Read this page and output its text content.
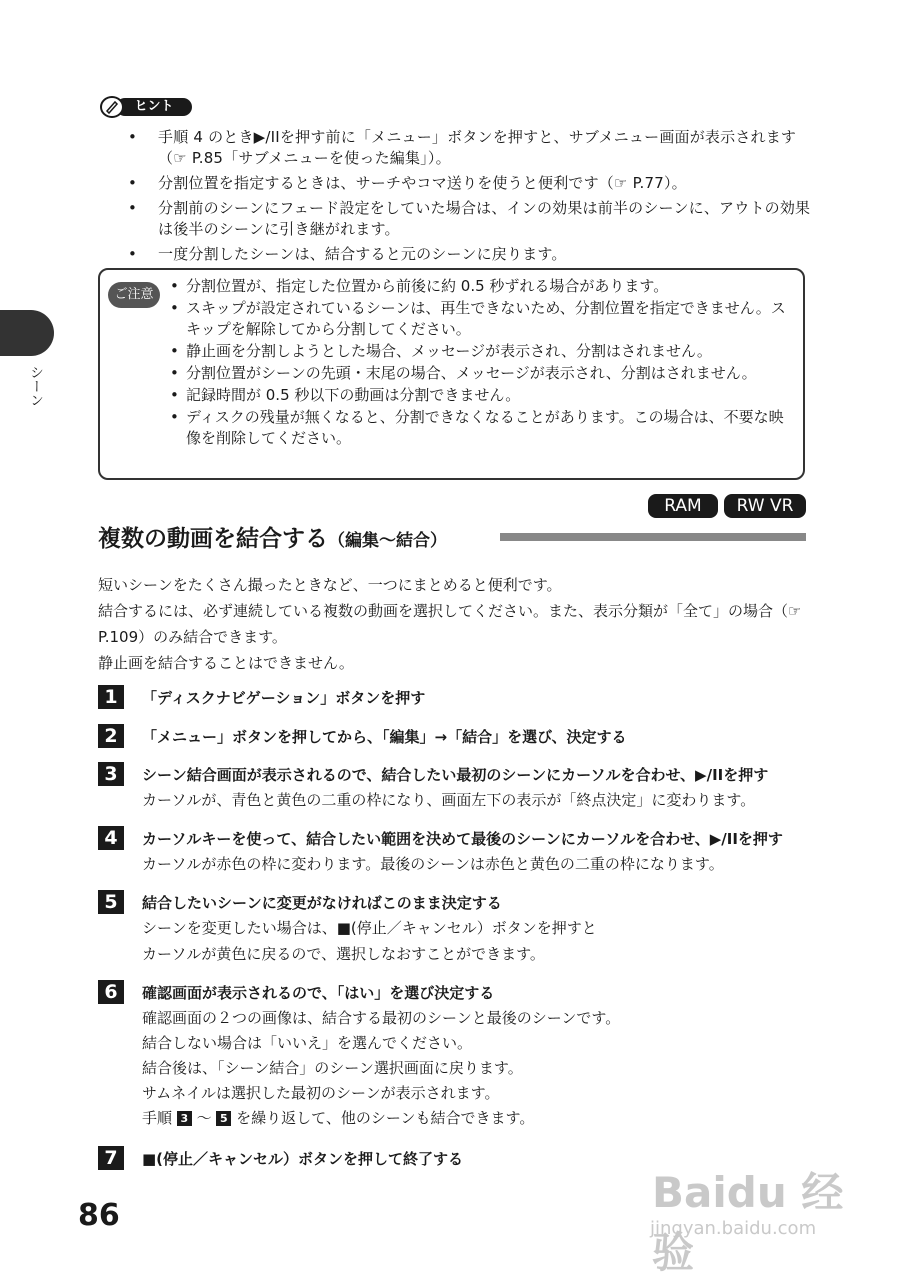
ヒント
• 手順 4 のとき▶/IIを押す前に「メニュー」ボタンを押すと、サブメニュー画面が表示されます（☞ P.85「サブメニューを使った編集」）。
• 分割位置を指定するときは、サーチやコマ送りを使うと便利です（☞ P.77）。
• 分割前のシーンにフェード設定をしていた場合は、インの効果は前半のシーンに、アウトの効果は後半のシーンに引き継がれます。
• 一度分割したシーンは、結合すると元のシーンに戻ります。
ご注意
•	分割位置が、指定した位置から前後に約 0.5 秒ずれる場合があります。
• スキップが設定されているシーンは、再生できないため、分割位置を指定できません。スキップを解除してから分割してください。
• 静止画を分割しようとした場合、メッセージが表示され、分割はされません。
• 分割位置がシーンの先頭・末尾の場合、メッセージが表示され、分割はされません。
• 記録時間が 0.5 秒以下の動画は分割できません。
• ディスクの残量が無くなると、分割できなくなることがあります。この場合は、不要な映像を削除してください。
RAM	RW VR
複数の動画を結合する（編集～結合）
短いシーンをたくさん撮ったときなど、一つにまとめると便利です。
結合するには、必ず連続している複数の動画を選択してください。また、表示分類が「全て」の場合（☞ P.109）のみ結合できます。
静止画を結合することはできません。
1	「ディスクナビゲーション」ボタンを押す
2	「メニュー」ボタンを押してから、「編集」→「結合」を選び、決定する
3	シーン結合画面が表示されるので、結合したい最初のシーンにカーソルを合わせ、▶/IIを押す
カーソルが、青色と黄色の二重の枠になり、画面左下の表示が「終点決定」に変わります。
4	カーソルキーを使って、結合したい範囲を決めて最後のシーンにカーソルを合わせ、▶/IIを押す
カーソルが赤色の枠に変わります。最後のシーンは赤色と黄色の二重の枠になります。
5	結合したいシーンに変更がなければこのまま決定する
シーンを変更したい場合は、■(停止／キャンセル）ボタンを押すと
カーソルが黄色に戻るので、選択しなおすことができます。
6	確認画面が表示されるので、「はい」を選び決定する
確認画面の２つの画像は、結合する最初のシーンと最後のシーンです。
結合しない場合は「いいえ」を選んでください。
結合後は、「シーン結合」のシーン選択画面に戻ります。
サムネイルは選択した最初のシーンが表示されます。
手順 3 ～ 5 を繰り返して、他のシーンも結合できます。
7	■(停止／キャンセル）ボタンを押して終了する
シーン
86	Baidu 经验
jingyan.baidu.com
